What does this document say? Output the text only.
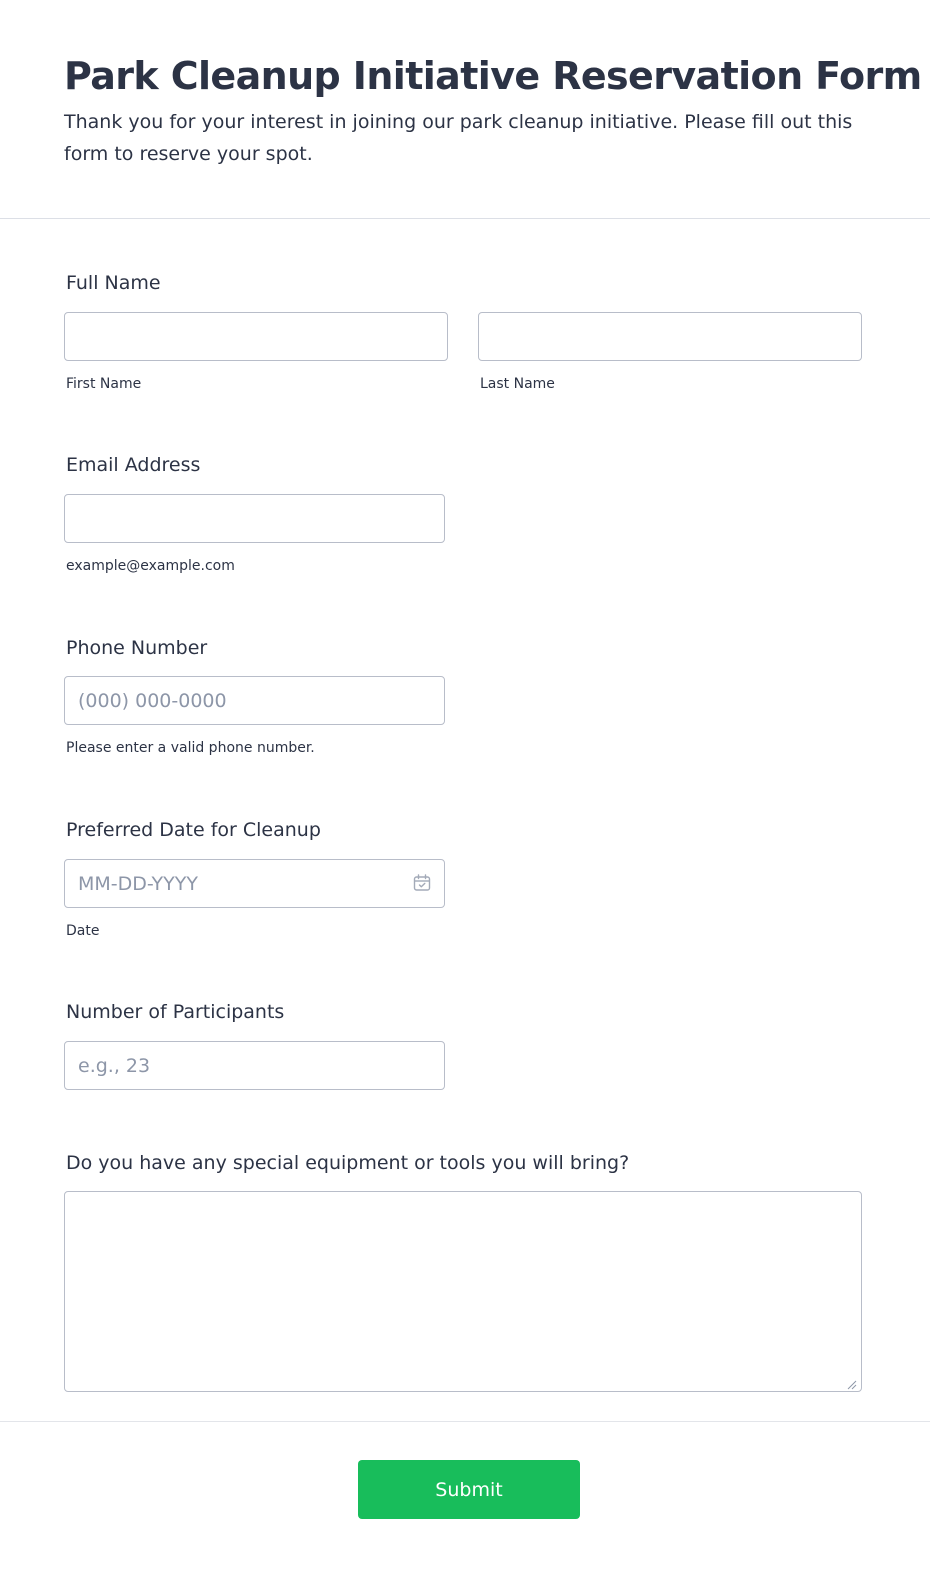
Park Cleanup Initiative Reservation Form

Thank you for your interest in joining our park cleanup initiative. Please fill out this form to reserve your spot.

Full Name
First Name	Last Name
Email Address
example@example.com
Phone Number
(000) 000-0000
Please enter a valid phone number.
Preferred Date for Cleanup
MM-DD-YYYY
Date
Number of Participants
e.g., 23
Do you have any special equipment or tools you will bring?
Submit
